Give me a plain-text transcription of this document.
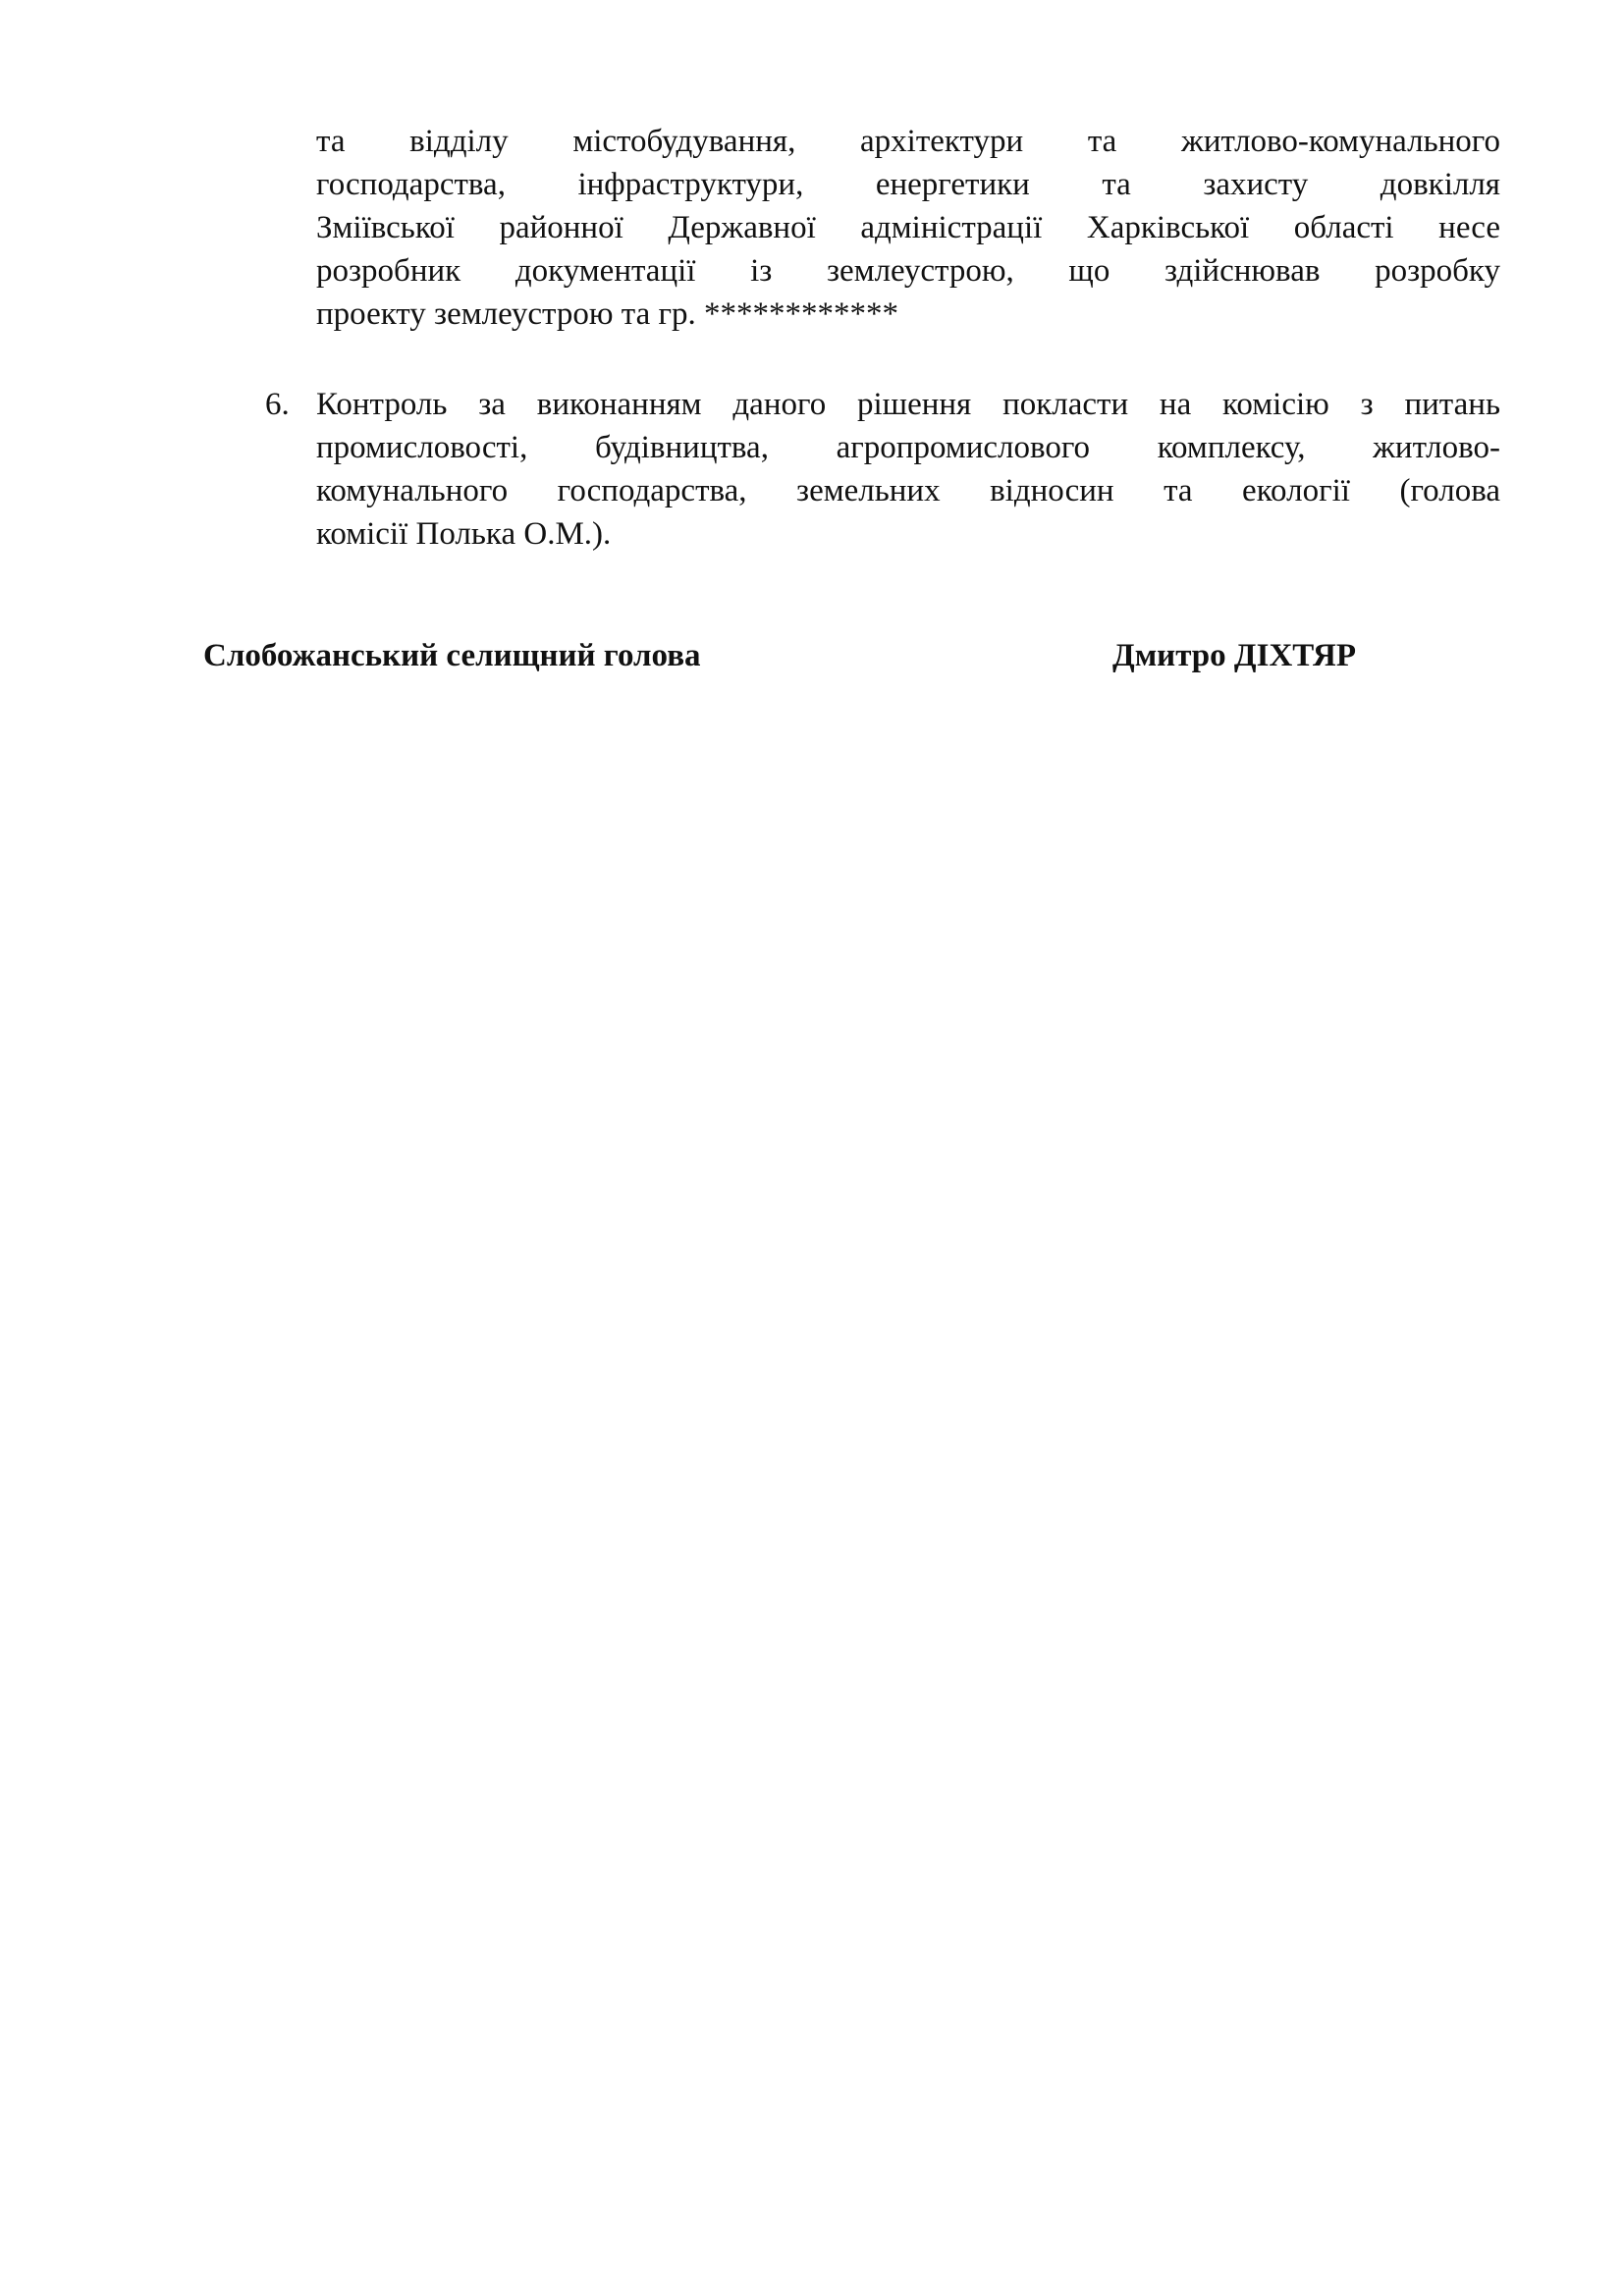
та відділу містобудування, архітектури та житлово-комунального
господарства, інфраструктури, енергетики та захисту довкілля
Зміївської районної Державної адміністрації Харківської області несе
розробник документації із землеустрою, що здійснював розробку
проекту землеустрою та гр. ************
6. Контроль за виконанням даного рішення покласти на комісію з питань
промисловості, будівництва, агропромислового комплексу, житлово-
комунального господарства, земельних відносин та екології (голова
комісії Полька О.М.).
Слобожанський селищний голова	Дмитро ДІХТЯР
